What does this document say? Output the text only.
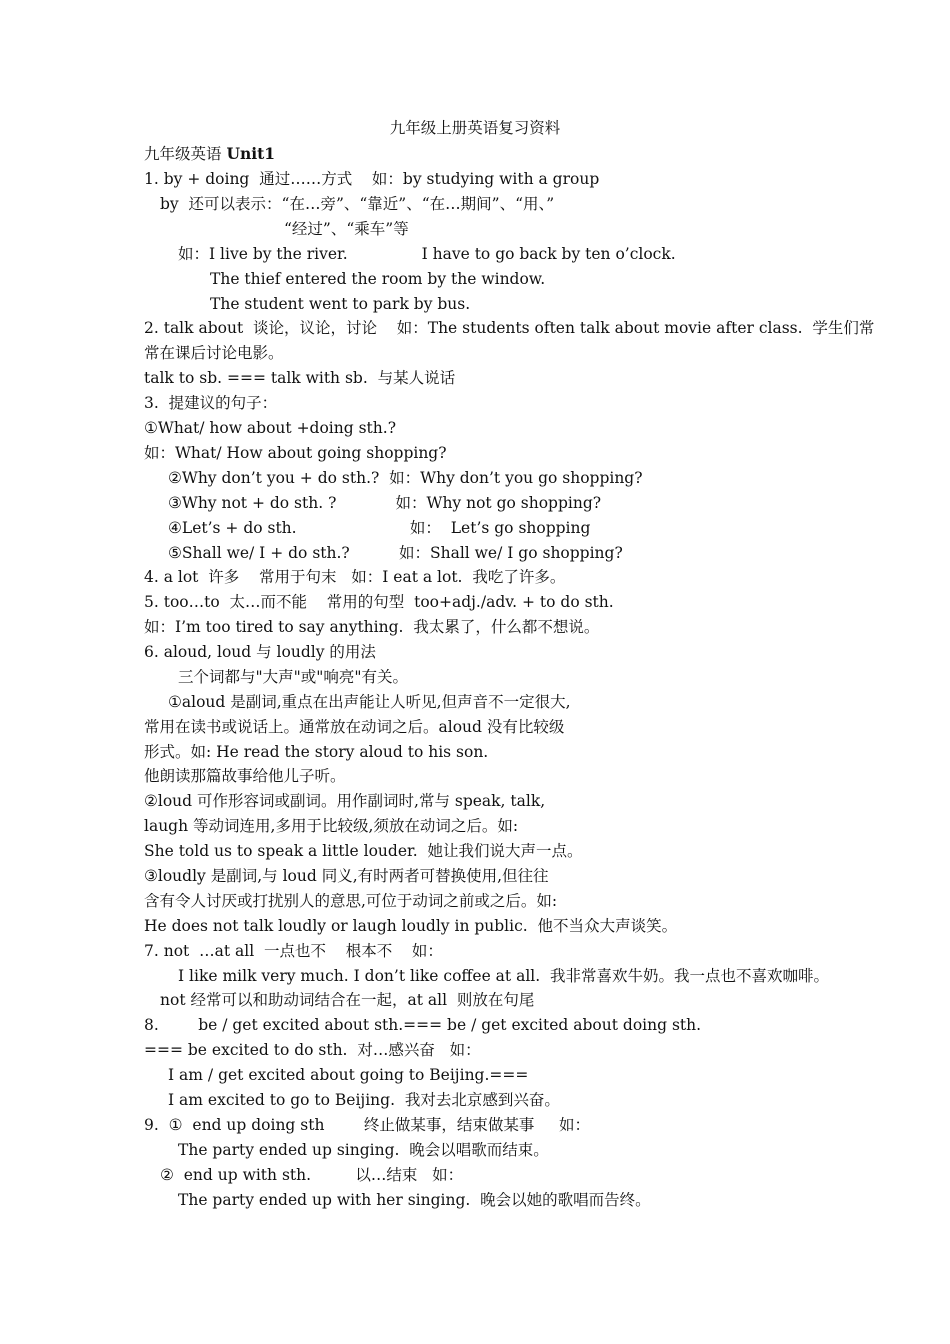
九年级上册英语复习资料
九年级英语 Unit1
1. by + doing  通过……方式    如：by studying with a group
by  还可以表示：“在…旁”、“靠近”、“在…期间”、“用、”
“经过”、“乘车”等
如：I live by the river.               I have to go back by ten o’clock.
The thief entered the room by the window.
The student went to park by bus.
2. talk about  谈论，议论，讨论    如：The students often talk about movie after class.  学生们常
常在课后讨论电影。
talk to sb. === talk with sb.  与某人说话
3.  提建议的句子：
①What/ how about +doing sth.?
如：What/ How about going shopping?
②Why don’t you + do sth.?  如：Why don’t you go shopping?
③Why not + do sth. ?            如：Why not go shopping?
④Let’s + do sth.                       如：  Let’s go shopping
⑤Shall we/ I + do sth.?          如：Shall we/ I go shopping?
4. a lot  许多    常用于句末   如：I eat a lot.  我吃了许多。
5. too…to  太…而不能    常用的句型  too+adj./adv. + to do sth.
如：I’m too tired to say anything.  我太累了，什么都不想说。
6. aloud, loud 与 loudly 的用法
三个词都与"大声"或"响亮"有关。
①aloud 是副词,重点在出声能让人听见,但声音不一定很大,
常用在读书或说话上。通常放在动词之后。aloud 没有比较级
形式。如: He read the story aloud to his son.
他朗读那篇故事给他儿子听。
②loud 可作形容词或副词。用作副词时,常与 speak, talk,
laugh 等动词连用,多用于比较级,须放在动词之后。如:
She told us to speak a little louder.  她让我们说大声一点。
③loudly 是副词,与 loud 同义,有时两者可替换使用,但往往
含有令人讨厌或打扰别人的意思,可位于动词之前或之后。如:
He does not talk loudly or laugh loudly in public.  他不当众大声谈笑。
7. not  …at all  一点也不    根本不    如：
I like milk very much. I don’t like coffee at all.  我非常喜欢牛奶。我一点也不喜欢咖啡。
not 经常可以和助动词结合在一起，at all  则放在句尾
8.        be / get excited about sth.=== be / get excited about doing sth.
=== be excited to do sth.  对…感兴奋   如：
I am / get excited about going to Beijing.===
I am excited to go to Beijing.  我对去北京感到兴奋。
9.  ①  end up doing sth        终止做某事，结束做某事     如：
The party ended up singing.  晚会以唱歌而结束。
②  end up with sth.         以…结束   如：
The party ended up with her singing.  晚会以她的歌唱而告终。
